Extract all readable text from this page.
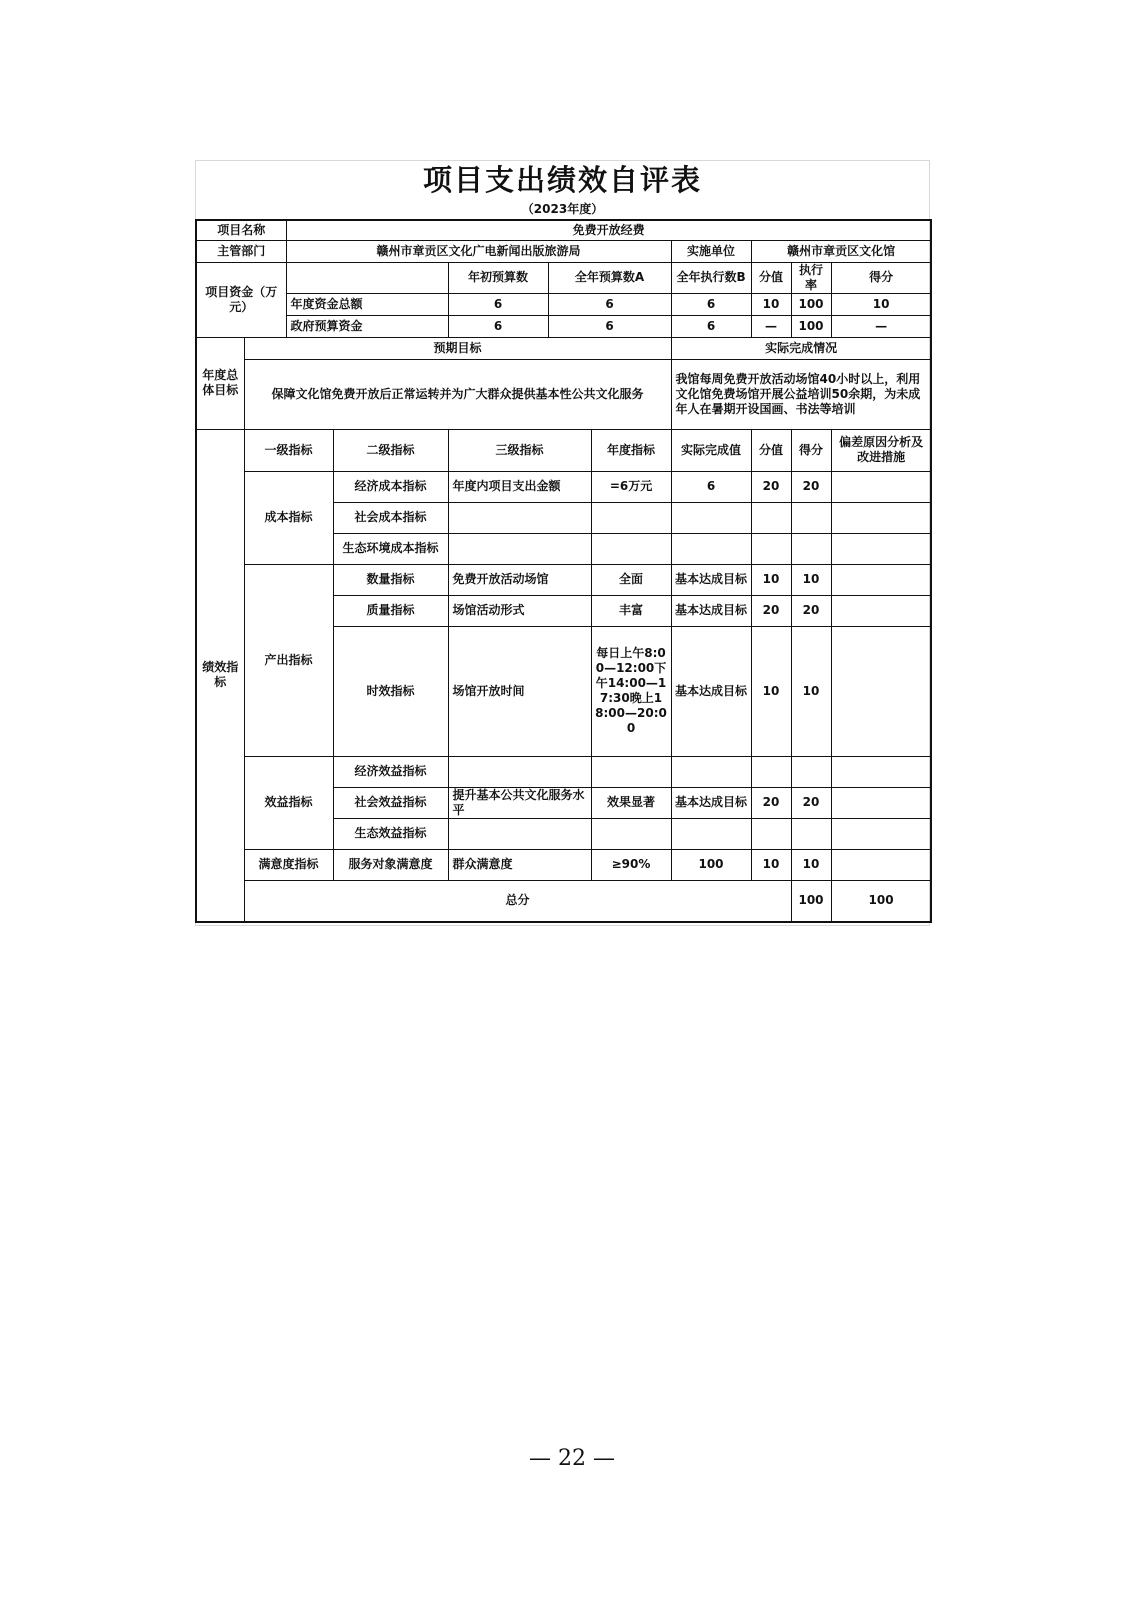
项目支出绩效自评表
（2023年度）
项目名称		免费开放经费									
主管部门		赣州市章贡区文化广电新闻出版旅游局					实施单位	赣州市章贡区文化馆			
项目资金（万元）				年初预算数	全年预算数A		全年执行数B	分值	执行率	得分	
		年度资金总额		6	6		6	10	100	10	
		政府预算资金		6	6		6	—	100	—	
年度总体目标	预期目标						实际完成情况				
	保障文化馆免费开放后正常运转并为广大群众提供基本性公共文化服务						我馆每周免费开放活动场馆40小时以上，利用文化馆免费场馆开展公益培训50余期，为未成年人在暑期开设国画、书法等培训				
绩效指标	一级指标		二级指标	三级指标		年度指标	实际完成值	分值	得分	偏差原因分析及改进措施	
	成本指标		经济成本指标	年度内项目支出金额		=6万元	6	20	20		
			社会成本指标								
			生态环境成本指标								
	产出指标		数量指标	免费开放活动场馆		全面	基本达成目标	10	10		
			质量指标	场馆活动形式		丰富	基本达成目标	20	20		
			时效指标	场馆开放时间		每日上午8:00—12:00下午14:00—17:30晚上18:00—20:00	基本达成目标	10	10		
	效益指标		经济效益指标								
			社会效益指标	提升基本公共文化服务水平		效果显著	基本达成目标	20	20		
			生态效益指标								
	满意度指标		服务对象满意度	群众满意度		≥90%	100	10	10		
	总分								100	100	
— 22 —
